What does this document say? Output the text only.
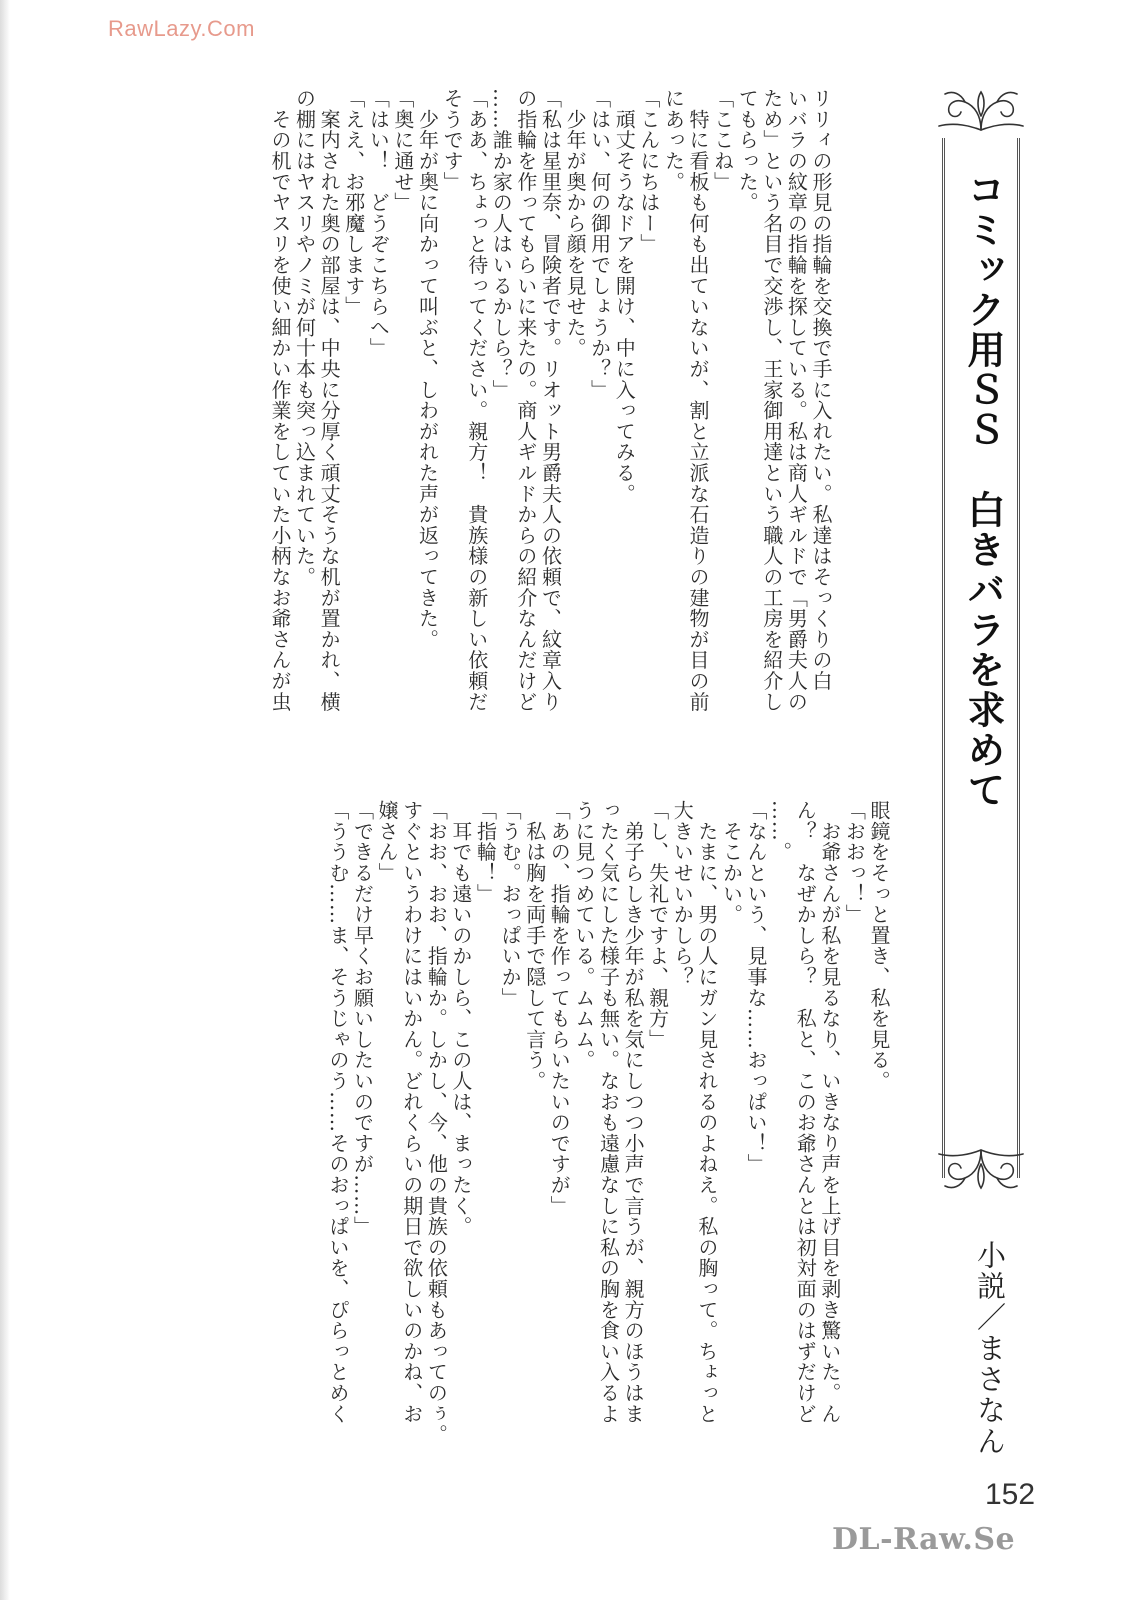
RawLazy.Com

コミック用ＳＳ　白きバラを求めて

小説／まさなん

リリィの形見の指輪を交換で手に入れたい。私達はそっくりの白
いバラの紋章の指輪を探している。私は商人ギルドで「男爵夫人の
ため」という名目で交渉し、王家御用達という職人の工房を紹介し
てもらった。
「ここね」
　特に看板も何も出ていないが、割と立派な石造りの建物が目の前
にあった。
「こんにちはー」
　頑丈そうなドアを開け、中に入ってみる。
「はい、何の御用でしょうか？」
　少年が奥から顔を見せた。
「私は星里奈、冒険者です。リオット男爵夫人の依頼で、紋章入り
の指輪を作ってもらいに来たの。商人ギルドからの紹介なんだけど
……誰か家の人はいるかしら？」
「ああ、ちょっと待ってください。親方！　貴族様の新しい依頼だ
そうです」
　少年が奥に向かって叫ぶと、しわがれた声が返ってきた。
「奥に通せ」
「はい！　どうぞこちらへ」
「ええ、お邪魔します」
　案内された奥の部屋は、中央に分厚く頑丈そうな机が置かれ、横
の棚にはヤスリやノミが何十本も突っ込まれていた。
　その机でヤスリを使い細かい作業をしていた小柄なお爺さんが虫
眼鏡をそっと置き、私を見る。
「おおっ！」
　お爺さんが私を見るなり、いきなり声を上げ目を剥き驚いた。ん
ん？　なぜかしら？　私と、このお爺さんとは初対面のはずだけど
……。
「なんという、見事な……おっぱい！」
　そこかい。
　たまに、男の人にガン見されるのよねえ。私の胸って。ちょっと
大きいせいかしら？
「し、失礼ですよ、親方」
　弟子らしき少年が私を気にしつつ小声で言うが、親方のほうはま
ったく気にした様子も無い。なおも遠慮なしに私の胸を食い入るよ
うに見つめている。ムムム。
「あの、指輪を作ってもらいたいのですが」
　私は胸を両手で隠して言う。
「うむ。おっぱいか」
「指輪！」
　耳でも遠いのかしら、この人は、まったく。
「おお、おお、指輪か。しかし、今、他の貴族の依頼もあってのぅ。
すぐというわけにはいかん。どれくらいの期日で欲しいのかね、お
嬢さん」
「できるだけ早くお願いしたいのですが……」
「ううむ……ま、そうじゃのう……そのおっぱいを、ぴらっとめく

152

DL-Raw.Se
